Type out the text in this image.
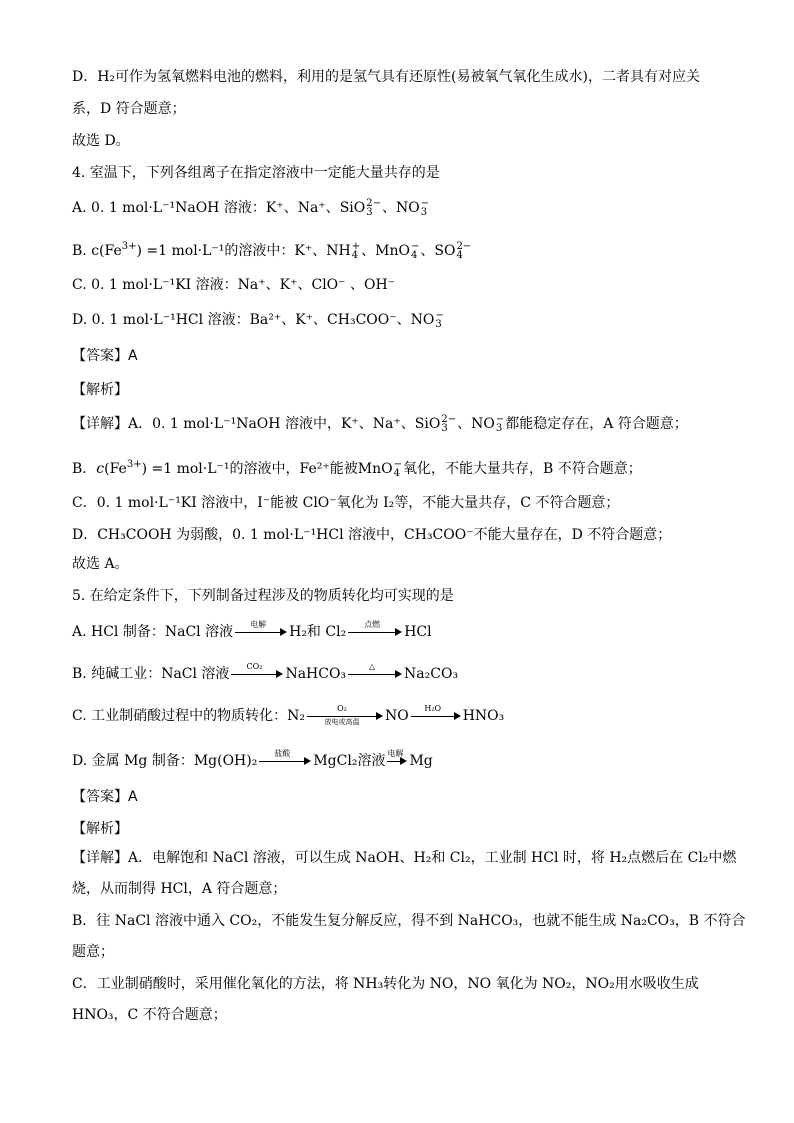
D．H₂可作为氢氧燃料电池的燃料，利用的是氢气具有还原性(易被氧气氧化生成水)，二者具有对应关
系，D 符合题意；
故选 D。
4. 室温下，下列各组离子在指定溶液中一定能大量共存的是
A. 0. 1 mol·L⁻¹NaOH 溶液：K⁺、Na⁺、SiO 2−
3 、NO −
3
B. $c(Fe^{3+}) =1$ mol·L⁻¹的溶液中：K⁺、NH +
4 、MnO −
4 、SO 2−
4
C. 0. 1 mol·L⁻¹KI 溶液：Na⁺、K⁺、ClO⁻ 、OH⁻
D. 0. 1 mol·L⁻¹HCl 溶液：Ba²⁺、K⁺、CH₃COO⁻、NO −
3
【答案】A
【解析】
【详解】A．0. 1 mol·L⁻¹NaOH 溶液中，K⁺、Na⁺、SiO 2−
3 、NO −
3 都能稳定存在，A 符合题意；
B．$c(Fe^{3+}) =1$ mol·L⁻¹的溶液中，Fe²⁺能被MnO −
4 氧化，不能大量共存，B 不符合题意；
C．0. 1 mol·L⁻¹KI 溶液中，I⁻能被 ClO⁻氧化为 I₂等，不能大量共存，C 不符合题意；
D．CH₃COOH 为弱酸，0. 1 mol·L⁻¹HCl 溶液中，CH₃COO⁻不能大量存在，D 不符合题意；
故选 A。
5. 在给定条件下，下列制备过程涉及的物质转化均可实现的是
A. HCl 制备：NaCl 溶液	电解	H₂和 Cl₂	点燃	HCl
B. 纯碱工业：NaCl 溶液	CO₂	NaHCO₃	△	Na₂CO₃
C. 工业制硝酸过程中的物质转化：N₂	O₂
放电或高温	NO	H₂O	HNO₃
D. 金属 Mg 制备：Mg(OH)₂	盐酸	MgCl₂溶液 电解 Mg
【答案】A
【解析】
【详解】A．电解饱和 NaCl 溶液，可以生成 NaOH、H₂和 Cl₂，工业制 HCl 时，将 H₂点燃后在 Cl₂中燃
烧，从而制得 HCl，A 符合题意；
B．往 NaCl 溶液中通入 CO₂，不能发生复分解反应，得不到 NaHCO₃，也就不能生成 Na₂CO₃，B 不符合
题意；
C．工业制硝酸时，采用催化氧化的方法，将 NH₃转化为 NO，NO 氧化为 NO₂，NO₂用水吸收生成
HNO₃，C 不符合题意；
